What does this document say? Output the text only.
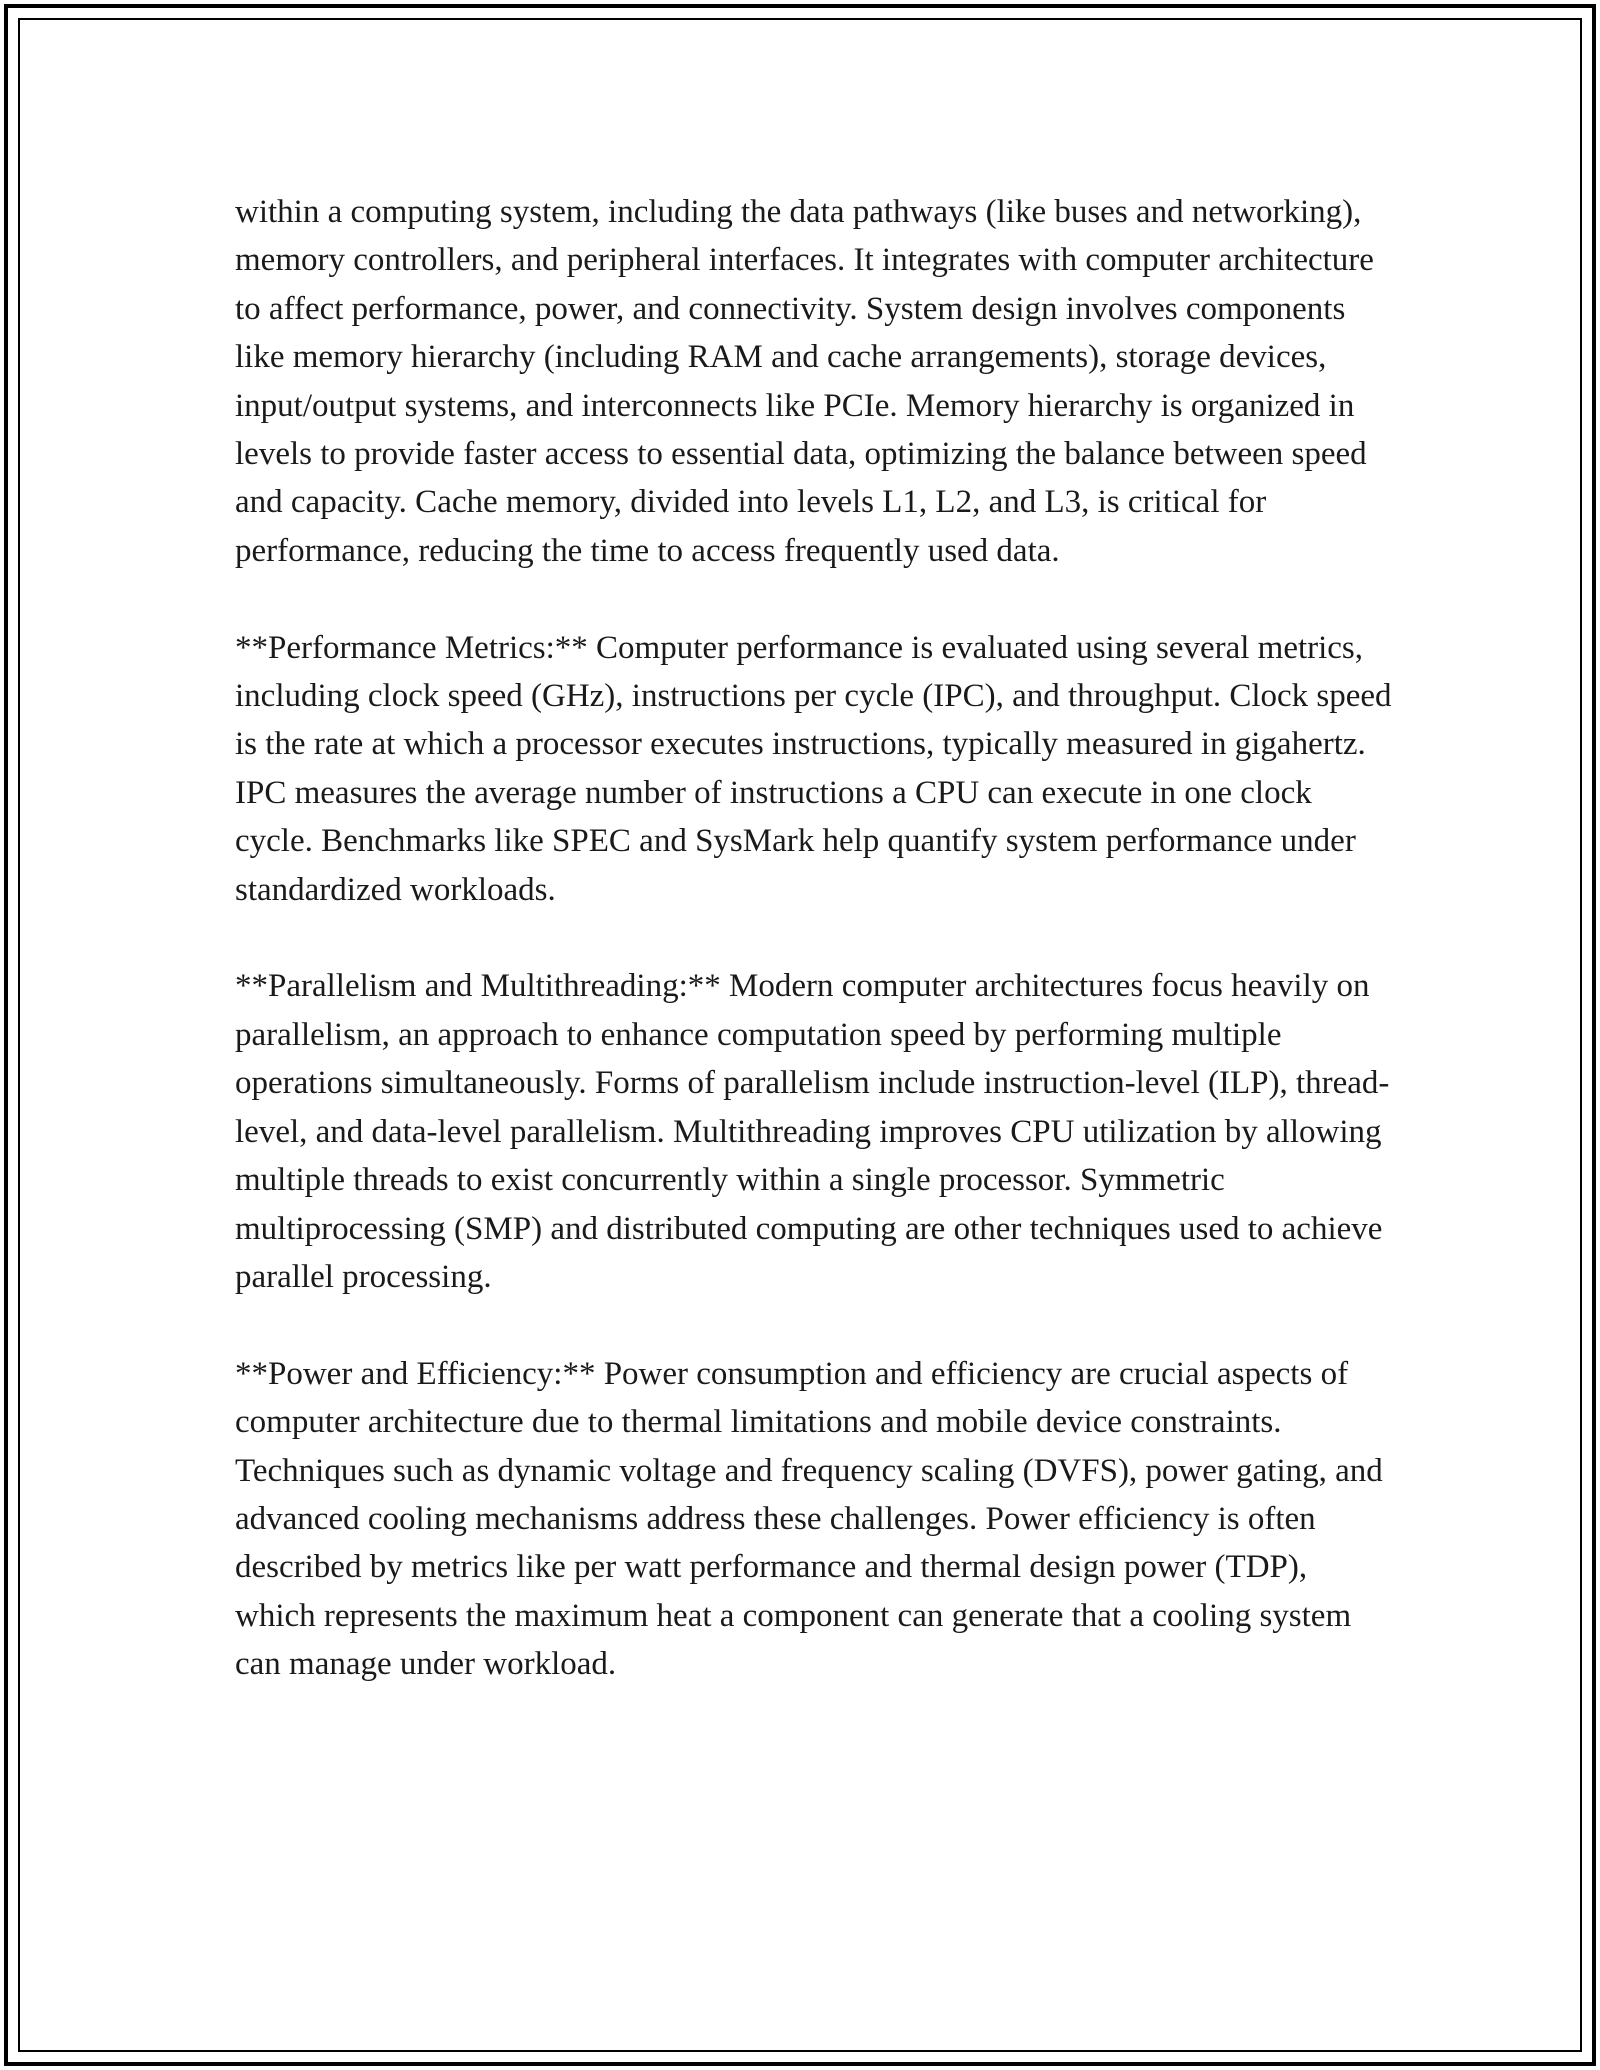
within a computing system, including the data pathways (like buses and networking), memory controllers, and peripheral interfaces. It integrates with computer architecture to affect performance, power, and connectivity. System design involves components like memory hierarchy (including RAM and cache arrangements), storage devices, input/output systems, and interconnects like PCIe. Memory hierarchy is organized in levels to provide faster access to essential data, optimizing the balance between speed and capacity. Cache memory, divided into levels L1, L2, and L3, is critical for performance, reducing the time to access frequently used data.

**Performance Metrics:** Computer performance is evaluated using several metrics, including clock speed (GHz), instructions per cycle (IPC), and throughput. Clock speed is the rate at which a processor executes instructions, typically measured in gigahertz. IPC measures the average number of instructions a CPU can execute in one clock cycle. Benchmarks like SPEC and SysMark help quantify system performance under standardized workloads.

**Parallelism and Multithreading:** Modern computer architectures focus heavily on parallelism, an approach to enhance computation speed by performing multiple operations simultaneously. Forms of parallelism include instruction-level (ILP), thread-level, and data-level parallelism. Multithreading improves CPU utilization by allowing multiple threads to exist concurrently within a single processor. Symmetric multiprocessing (SMP) and distributed computing are other techniques used to achieve parallel processing.

**Power and Efficiency:** Power consumption and efficiency are crucial aspects of computer architecture due to thermal limitations and mobile device constraints. Techniques such as dynamic voltage and frequency scaling (DVFS), power gating, and advanced cooling mechanisms address these challenges. Power efficiency is often described by metrics like per watt performance and thermal design power (TDP), which represents the maximum heat a component can generate that a cooling system can manage under workload.
